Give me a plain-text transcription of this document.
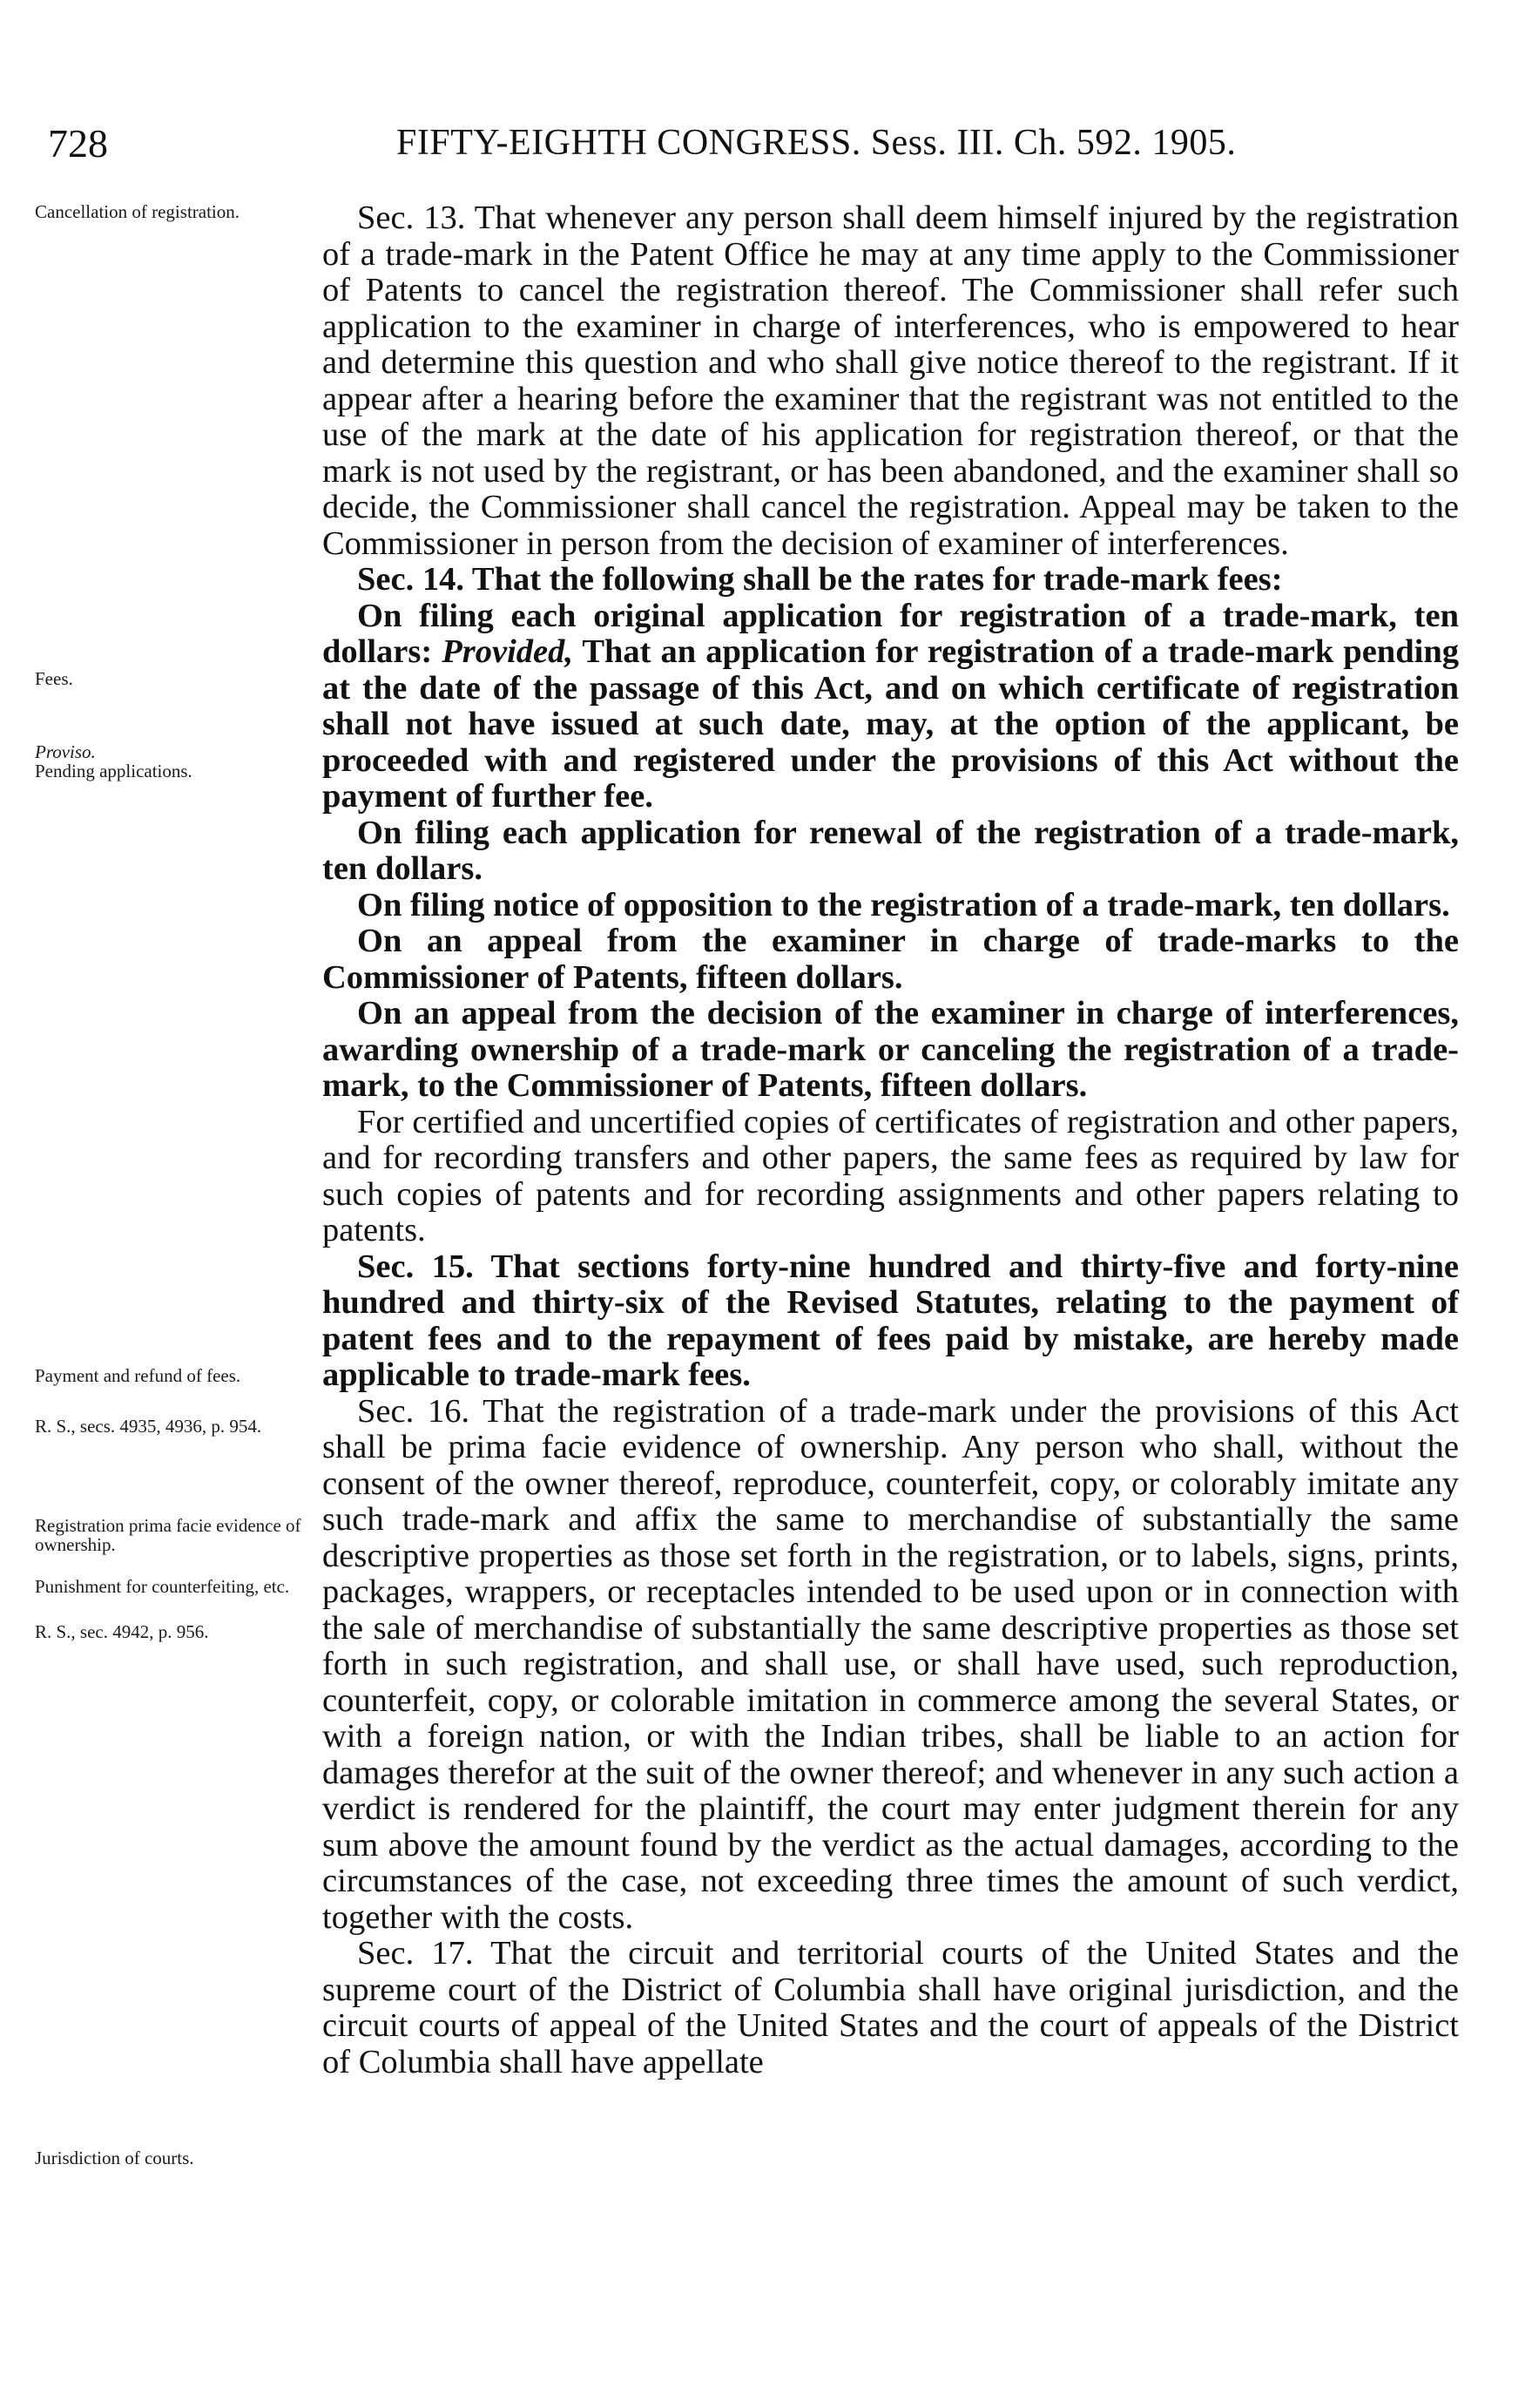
728	FIFTY-EIGHTH CONGRESS. Sess. III. Ch. 592. 1905.
Cancellation of registration.
Fees.
Proviso.
Pending applications.
Payment and refund of fees.
R. S., secs. 4935, 4936, p. 954.
Registration prima facie evidence of ownership.
Punishment for counterfeiting, etc.
R. S., sec. 4942, p. 956.
Jurisdiction of courts.

Sec. 13. That whenever any person shall deem himself injured by the registration of a trade-mark in the Patent Office he may at any time apply to the Commissioner of Patents to cancel the registration thereof. The Commissioner shall refer such application to the examiner in charge of interferences, who is empowered to hear and determine this question and who shall give notice thereof to the registrant. If it appear after a hearing before the examiner that the registrant was not entitled to the use of the mark at the date of his application for registration thereof, or that the mark is not used by the registrant, or has been abandoned, and the examiner shall so decide, the Commissioner shall cancel the registration. Appeal may be taken to the Commissioner in person from the decision of examiner of interferences.

Sec. 14. That the following shall be the rates for trade-mark fees:

On filing each original application for registration of a trade-mark, ten dollars: Provided, That an application for registration of a trade-mark pending at the date of the passage of this Act, and on which certificate of registration shall not have issued at such date, may, at the option of the applicant, be proceeded with and registered under the provisions of this Act without the payment of further fee.

On filing each application for renewal of the registration of a trade-mark, ten dollars.

On filing notice of opposition to the registration of a trade-mark, ten dollars.

On an appeal from the examiner in charge of trade-marks to the Commissioner of Patents, fifteen dollars.

On an appeal from the decision of the examiner in charge of interferences, awarding ownership of a trade-mark or canceling the registration of a trade-mark, to the Commissioner of Patents, fifteen dollars.

For certified and uncertified copies of certificates of registration and other papers, and for recording transfers and other papers, the same fees as required by law for such copies of patents and for recording assignments and other papers relating to patents.

Sec. 15. That sections forty-nine hundred and thirty-five and forty-nine hundred and thirty-six of the Revised Statutes, relating to the payment of patent fees and to the repayment of fees paid by mistake, are hereby made applicable to trade-mark fees.

Sec. 16. That the registration of a trade-mark under the provisions of this Act shall be prima facie evidence of ownership. Any person who shall, without the consent of the owner thereof, reproduce, counterfeit, copy, or colorably imitate any such trade-mark and affix the same to merchandise of substantially the same descriptive properties as those set forth in the registration, or to labels, signs, prints, packages, wrappers, or receptacles intended to be used upon or in connection with the sale of merchandise of substantially the same descriptive properties as those set forth in such registration, and shall use, or shall have used, such reproduction, counterfeit, copy, or colorable imitation in commerce among the several States, or with a foreign nation, or with the Indian tribes, shall be liable to an action for damages therefor at the suit of the owner thereof; and whenever in any such action a verdict is rendered for the plaintiff, the court may enter judgment therein for any sum above the amount found by the verdict as the actual damages, according to the circumstances of the case, not exceeding three times the amount of such verdict, together with the costs.

Sec. 17. That the circuit and territorial courts of the United States and the supreme court of the District of Columbia shall have original jurisdiction, and the circuit courts of appeal of the United States and the court of appeals of the District of Columbia shall have appellate
